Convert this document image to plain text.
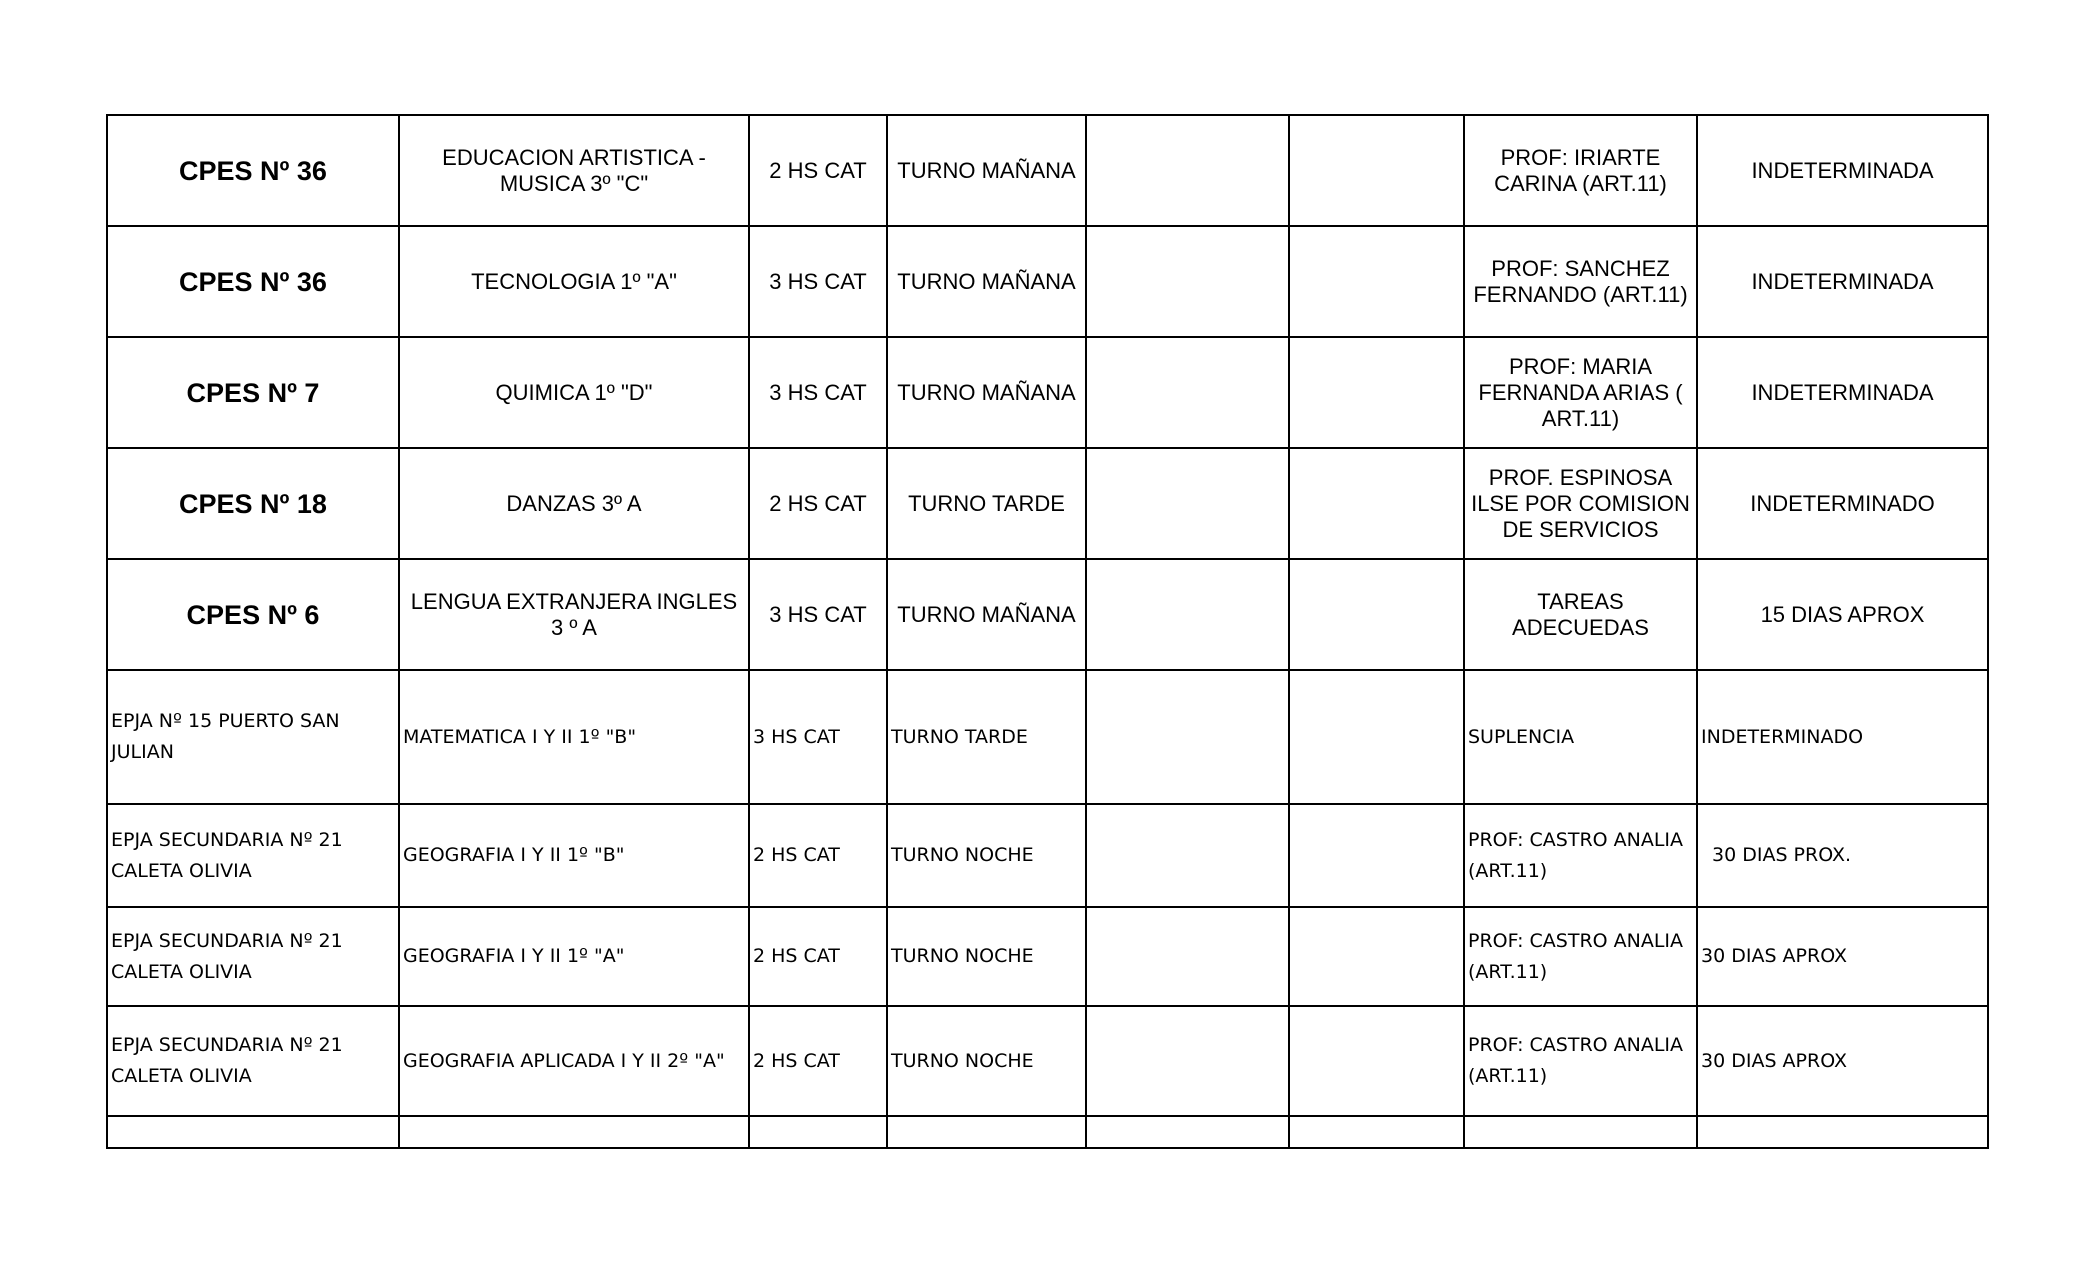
CPES Nº 36	EDUCACION ARTISTICA - MUSICA 3º "C"	2 HS CAT	TURNO MAÑANA			PROF: IRIARTE CARINA (ART.11)	INDETERMINADA
CPES Nº 36	TECNOLOGIA 1º "A"	3 HS CAT	TURNO MAÑANA			PROF: SANCHEZ FERNANDO (ART.11)	INDETERMINADA
CPES Nº 7	QUIMICA 1º "D"	3 HS CAT	TURNO MAÑANA			PROF: MARIA FERNANDA ARIAS ( ART.11)	INDETERMINADA
CPES Nº 18	DANZAS 3º A	2 HS CAT	TURNO TARDE			PROF. ESPINOSA ILSE POR COMISION DE SERVICIOS	INDETERMINADO
CPES Nº 6	LENGUA EXTRANJERA INGLES 3 º A	3 HS CAT	TURNO MAÑANA			TAREAS ADECUEDAS	15 DIAS APROX
EPJA Nº 15 PUERTO SAN JULIAN	MATEMATICA I Y II 1º "B"	3 HS CAT	TURNO TARDE			SUPLENCIA	INDETERMINADO
EPJA SECUNDARIA Nº 21 CALETA OLIVIA	GEOGRAFIA I Y II 1º "B"	2 HS CAT	TURNO NOCHE			PROF: CASTRO ANALIA (ART.11)	30 DIAS PROX.
EPJA SECUNDARIA Nº 21 CALETA OLIVIA	GEOGRAFIA I Y II 1º "A"	2 HS CAT	TURNO NOCHE			PROF: CASTRO ANALIA (ART.11)	30 DIAS APROX
EPJA SECUNDARIA Nº 21 CALETA OLIVIA	GEOGRAFIA APLICADA I Y II 2º "A"	2 HS CAT	TURNO NOCHE			PROF: CASTRO ANALIA (ART.11)	30 DIAS APROX
